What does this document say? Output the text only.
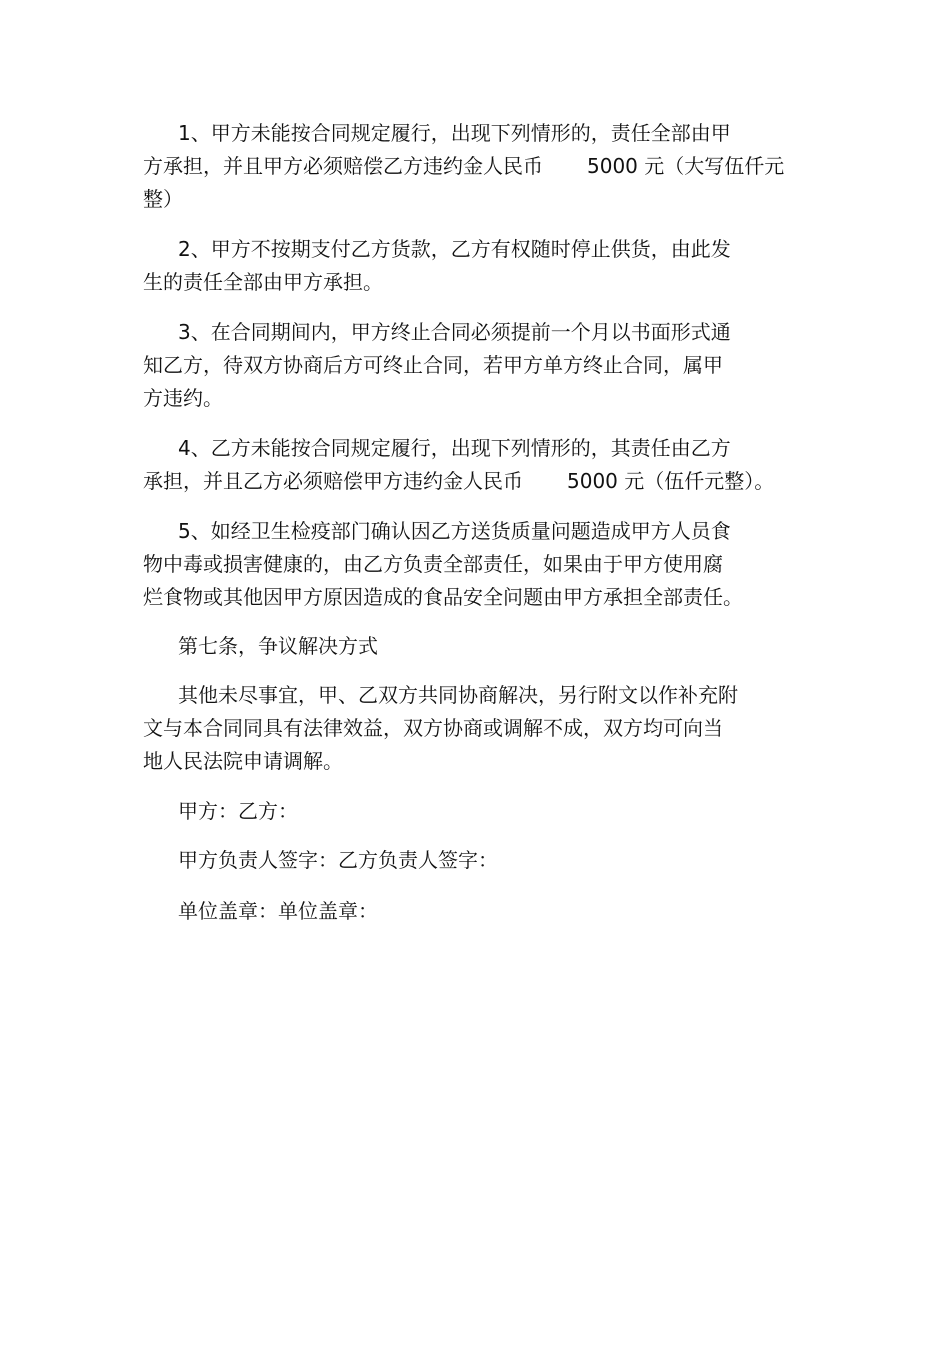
1、甲方未能按合同规定履行，出现下列情形的，责任全部由甲
方承担，并且甲方必须赔偿乙方违约金人民币 5000 元（大写伍仟元
整）
2、甲方不按期支付乙方货款，乙方有权随时停止供货，由此发
生的责任全部由甲方承担。
3、在合同期间内，甲方终止合同必须提前一个月以书面形式通
知乙方，待双方协商后方可终止合同，若甲方单方终止合同，属甲
方违约。
4、乙方未能按合同规定履行，出现下列情形的，其责任由乙方
承担，并且乙方必须赔偿甲方违约金人民币 5000 元（伍仟元整）。
5、如经卫生检疫部门确认因乙方送货质量问题造成甲方人员食
物中毒或损害健康的，由乙方负责全部责任，如果由于甲方使用腐
烂食物或其他因甲方原因造成的食品安全问题由甲方承担全部责任。
第七条，争议解决方式
其他未尽事宜，甲、乙双方共同协商解决，另行附文以作补充附
文与本合同同具有法律效益，双方协商或调解不成，双方均可向当
地人民法院申请调解。
甲方：乙方：
甲方负责人签字：乙方负责人签字：
单位盖章：单位盖章：
